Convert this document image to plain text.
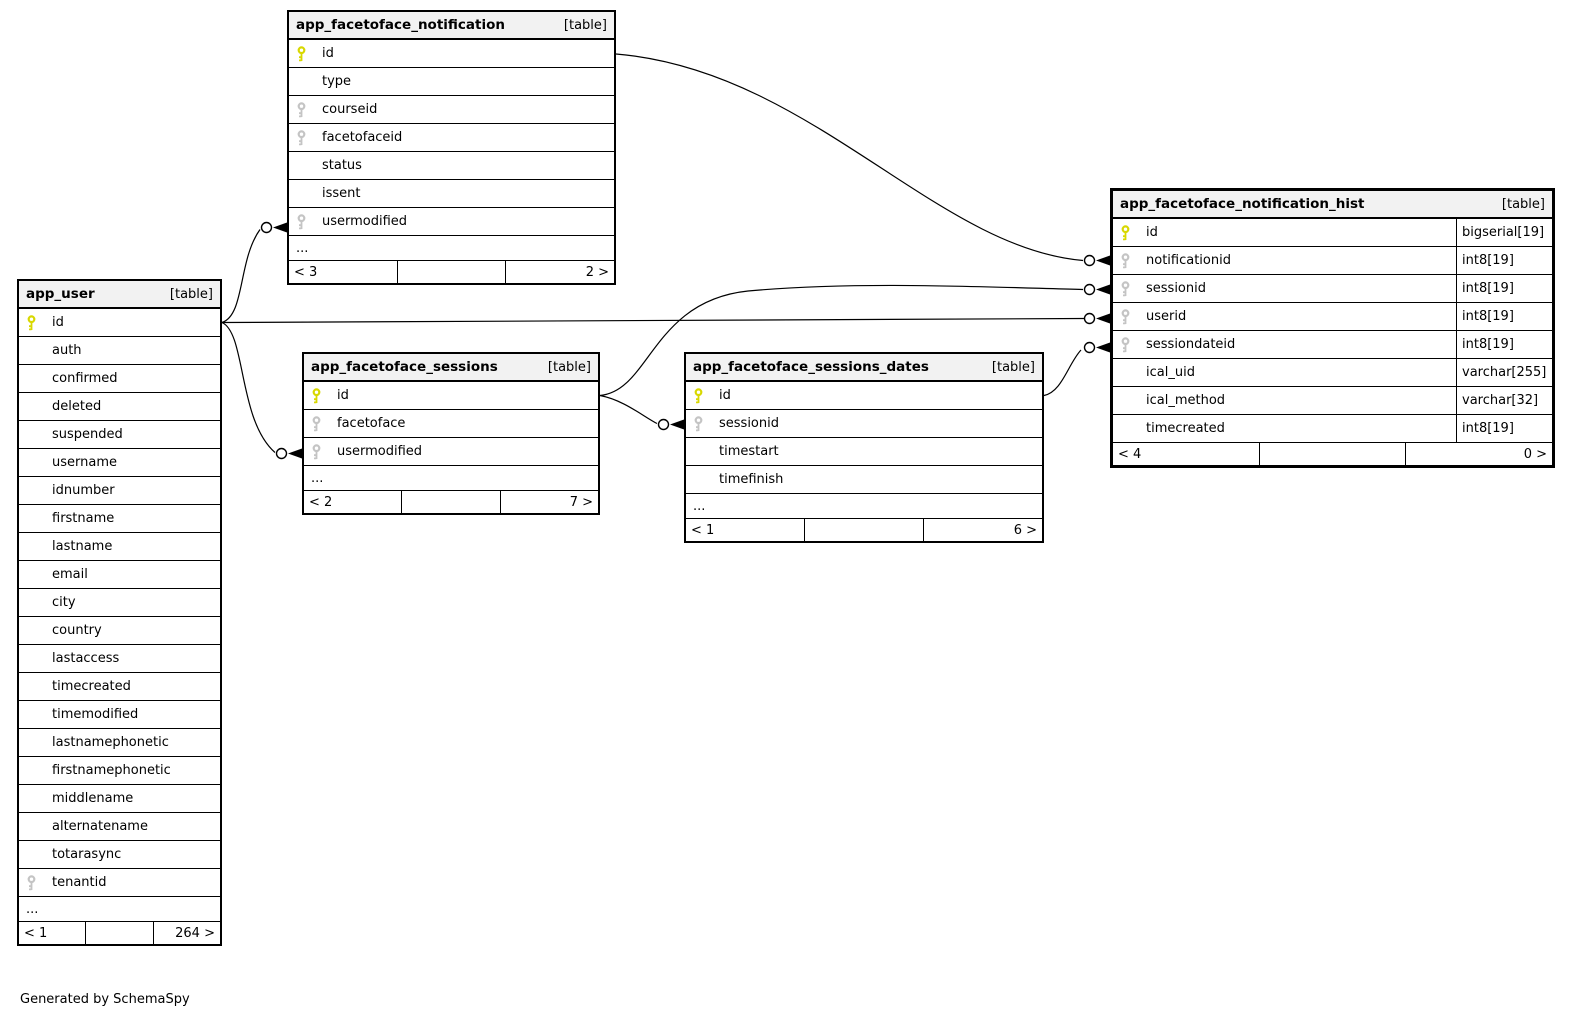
app_facetoface_notification	[table]
id
type
courseid
facetofaceid
status
issent
usermodified
...
< 3	2 >
app_user	[table]
id
auth
confirmed
deleted
suspended
username
idnumber
firstname
lastname
email
city
country
lastaccess
timecreated
timemodified
lastnamephonetic
firstnamephonetic
middlename
alternatename
totarasync
tenantid
...
< 1	264 >
app_facetoface_sessions	[table]
id
facetoface
usermodified
...
< 2	7 >
app_facetoface_sessions_dates	[table]
id
sessionid
timestart
timefinish
...
< 1	6 >
app_facetoface_notification_hist	[table]
id	bigserial[19]
notificationid	int8[19]
sessionid	int8[19]
userid	int8[19]
sessiondateid	int8[19]
ical_uid	varchar[255]
ical_method	varchar[32]
timecreated	int8[19]
< 4	0 >
Generated by SchemaSpy
